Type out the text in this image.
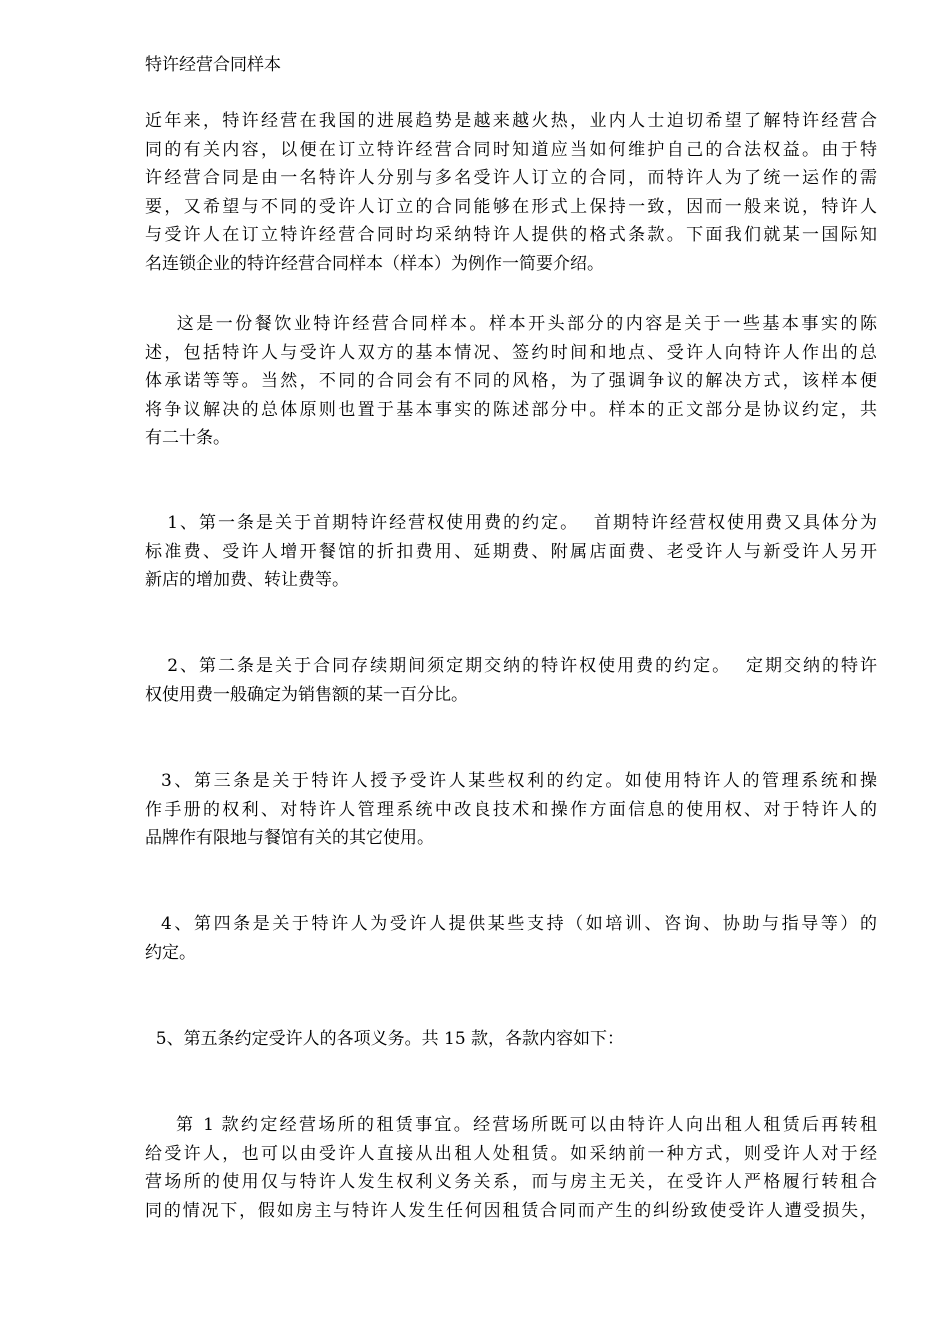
特许经营合同样本
近年来，特许经营在我国的进展趋势是越来越火热，业内人士迫切希望了解特许经营合
同的有关内容，以便在订立特许经营合同时知道应当如何维护自己的合法权益。由于特
许经营合同是由一名特许人分别与多名受许人订立的合同，而特许人为了统一运作的需
要，又希望与不同的受许人订立的合同能够在形式上保持一致，因而一般来说，特许人
与受许人在订立特许经营合同时均采纳特许人提供的格式条款。下面我们就某一国际知
名连锁企业的特许经营合同样本（样本）为例作一简要介绍。
这是一份餐饮业特许经营合同样本。样本开头部分的内容是关于一些基本事实的陈
述，包括特许人与受许人双方的基本情况、签约时间和地点、受许人向特许人作出的总
体承诺等等。当然，不同的合同会有不同的风格，为了强调争议的解决方式，该样本便
将争议解决的总体原则也置于基本事实的陈述部分中。样本的正文部分是协议约定，共
有二十条。
1、第一条是关于首期特许经营权使用费的约定。  首期特许经营权使用费又具体分为
标准费、受许人增开餐馆的折扣费用、延期费、附属店面费、老受许人与新受许人另开
新店的增加费、转让费等。
2、第二条是关于合同存续期间须定期交纳的特许权使用费的约定。  定期交纳的特许
权使用费一般确定为销售额的某一百分比。
3、第三条是关于特许人授予受许人某些权利的约定。如使用特许人的管理系统和操
作手册的权利、对特许人管理系统中改良技术和操作方面信息的使用权、对于特许人的
品牌作有限地与餐馆有关的其它使用。
4、第四条是关于特许人为受许人提供某些支持（如培训、咨询、协助与指导等）的
约定。
5、第五条约定受许人的各项义务。共 15 款，各款内容如下：
第 1 款约定经营场所的租赁事宜。经营场所既可以由特许人向出租人租赁后再转租
给受许人，也可以由受许人直接从出租人处租赁。如采纳前一种方式，则受许人对于经
营场所的使用仅与特许人发生权利义务关系，而与房主无关，在受许人严格履行转租合
同的情况下，假如房主与特许人发生任何因租赁合同而产生的纠纷致使受许人遭受损失，
